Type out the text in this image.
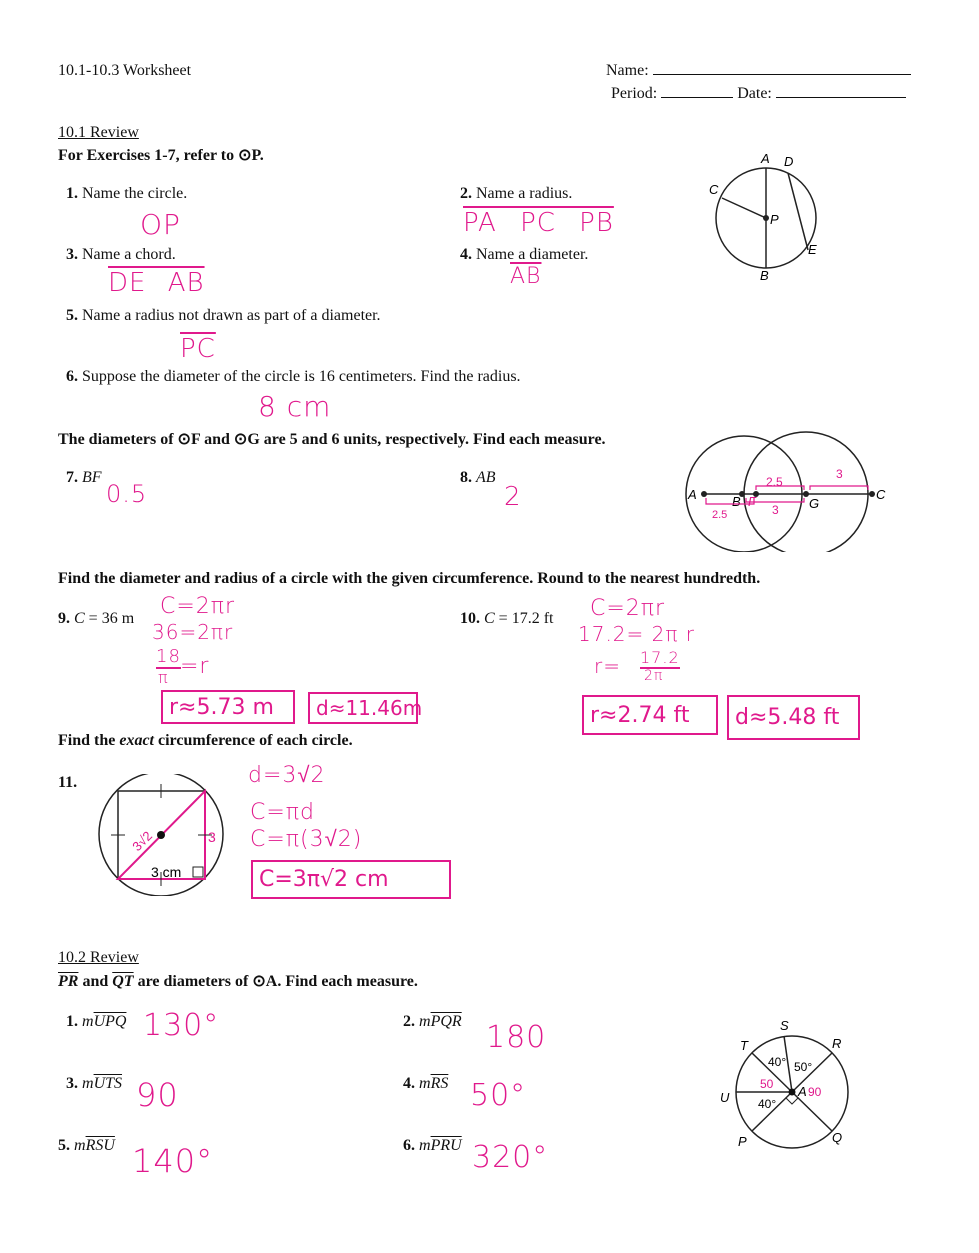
10.1-10.3 Worksheet	Name:
Period:	Date:
10.1 Review
For Exercises 1-7, refer to ⊙P.
1. Name the circle.
OP
2. Name a radius.
PA PC PB
3. Name a chord.
DE AB
4. Name a diameter.
$\overline{AB}$
5. Name a radius not drawn as part of a diameter.
$\overline{PC}$
6. Suppose the diameter of the circle is 16 centimeters. Find the radius.
8 cm
A D
C
P
E
B
The diameters of ⊙F and ⊙G are 5 and 6 units, respectively. Find each measure.
7. BF
0.5
8. AB
2	A	B F	G
C
2.5
3
2.5	3
Find the diameter and radius of a circle with the given circumference. Round to the nearest hundredth.
9. C = 36 m C=2πr
36=2πr
18
π =r
r≈5.73 m	d≈11.46m
10. C = 17.2 ft C=2πr
17.2= 2π r
r= 17.2
2π
r≈2.74 ft	d≈5.48 ft
Find the exact circumference of each circle.
11.
3 cm
3√2	3
d=3√2
C=πd
C=π(3√2)
C=3π√2 cm
10.2 Review
$\overline{PR}$ and $\overline{QT}$ are diameters of ⊙A. Find each measure.
1. $m\overline{UPQ}$ 130°	2. $m\overline{PQR}$ 180
3. $m\overline{UTS}$ 90	4. $m\overline{RS}$ 50°
5. $m\overline{RSU}$ 140°	6. $m\overline{PRU}$ 320°
S
T	R
U	A
P	Q
40° 50°
40°
50
90
